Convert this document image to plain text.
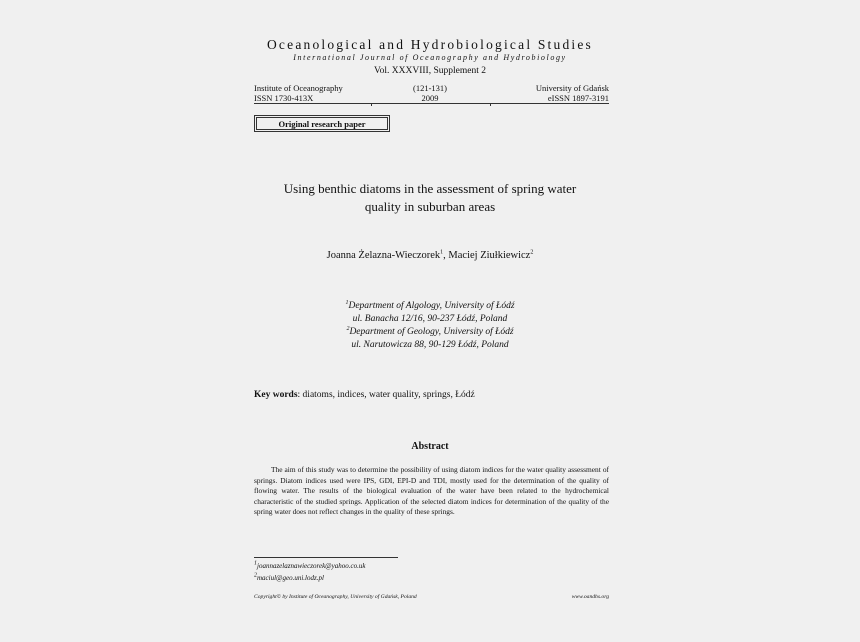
Oceanological and Hydrobiological Studies
International Journal of Oceanography and Hydrobiology
Vol. XXXVIII, Supplement 2
Institute of Oceanography
ISSN 1730-413X
(121-131)
2009
University of Gdańsk
eISSN 1897-3191
Original research paper
Using benthic diatoms in the assessment of spring water
quality in suburban areas
Joanna Żelazna-Wieczorek$^1$, Maciej Ziułkiewicz$^2$
$^1$Department of Algology, University of Łódź
ul. Banacha 12/16, 90-237 Łódź, Poland
$^2$Department of Geology, University of Łódź
ul. Narutowicza 88, 90-129 Łódź, Poland
Key words: diatoms, indices, water quality, springs, Łódź
Abstract
The aim of this study was to determine the possibility of using diatom indices for the water quality assessment of springs. Diatom indices used were IPS, GDI, EPI-D and TDI, mostly used for the determination of the quality of flowing water. The results of the biological evaluation of the water have been related to the hydrochemical characteristic of the studied springs. Application of the selected diatom indices for determination of the quality of the spring water does not reflect changes in the quality of these springs.
$^1$joannazelaznawieczorek@yahoo.co.uk
$^2$maciul@geo.uni.lodz.pl
Copyright© by Institute of Oceanography, University of Gdańsk, Poland	www.oandhs.org
